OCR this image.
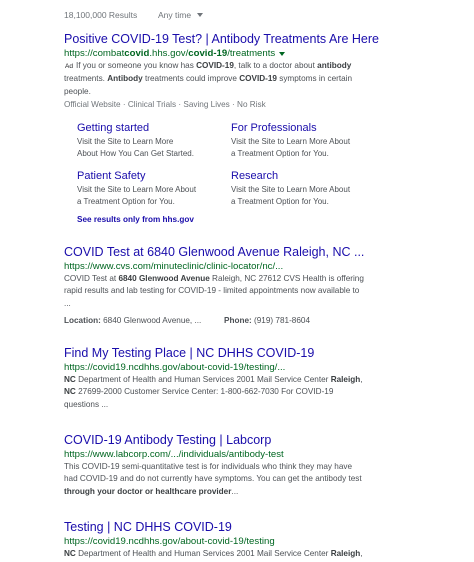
18,100,000 Results	Any time
Positive COVID-19 Test? | Antibody Treatments Are Here
https://combat covid .hhs.gov/ covid-19 /treatments
Ad If you or someone you know has COVID-19, talk to a doctor about antibody
treatments. Antibody treatments could improve COVID-19 symptoms in certain
people.
Official Website · Clinical Trials · Saving Lives · No Risk
Getting started
Visit the Site to Learn More
About How You Can Get Started.
For Professionals
Visit the Site to Learn More About
a Treatment Option for You.
Patient Safety
Visit the Site to Learn More About
a Treatment Option for You.
Research
Visit the Site to Learn More About
a Treatment Option for You.
See results only from hhs.gov
COVID Test at 6840 Glenwood Avenue Raleigh, NC ...
https://www.cvs.com/minuteclinic/clinic-locator/nc/...
COVID Test at 6840 Glenwood Avenue Raleigh, NC 27612 CVS Health is offering
rapid results and lab testing for COVID-19 - limited appointments now available to
...
Location: 6840 Glenwood Avenue, ...	Phone: (919) 781-8604
Find My Testing Place | NC DHHS COVID-19
https://covid19.ncdhhs.gov/about-covid-19/testing/...
NC Department of Health and Human Services 2001 Mail Service Center Raleigh,
NC 27699-2000 Customer Service Center: 1-800-662-7030 For COVID-19
questions ...
COVID-19 Antibody Testing | Labcorp
https://www.labcorp.com/.../individuals/antibody-test
This COVID-19 semi-quantitative test is for individuals who think they may have
had COVID-19 and do not currently have symptoms. You can get the antibody test
through your doctor or healthcare provider...
Testing | NC DHHS COVID-19
https://covid19.ncdhhs.gov/about-covid-19/testing
NC Department of Health and Human Services 2001 Mail Service Center Raleigh,
